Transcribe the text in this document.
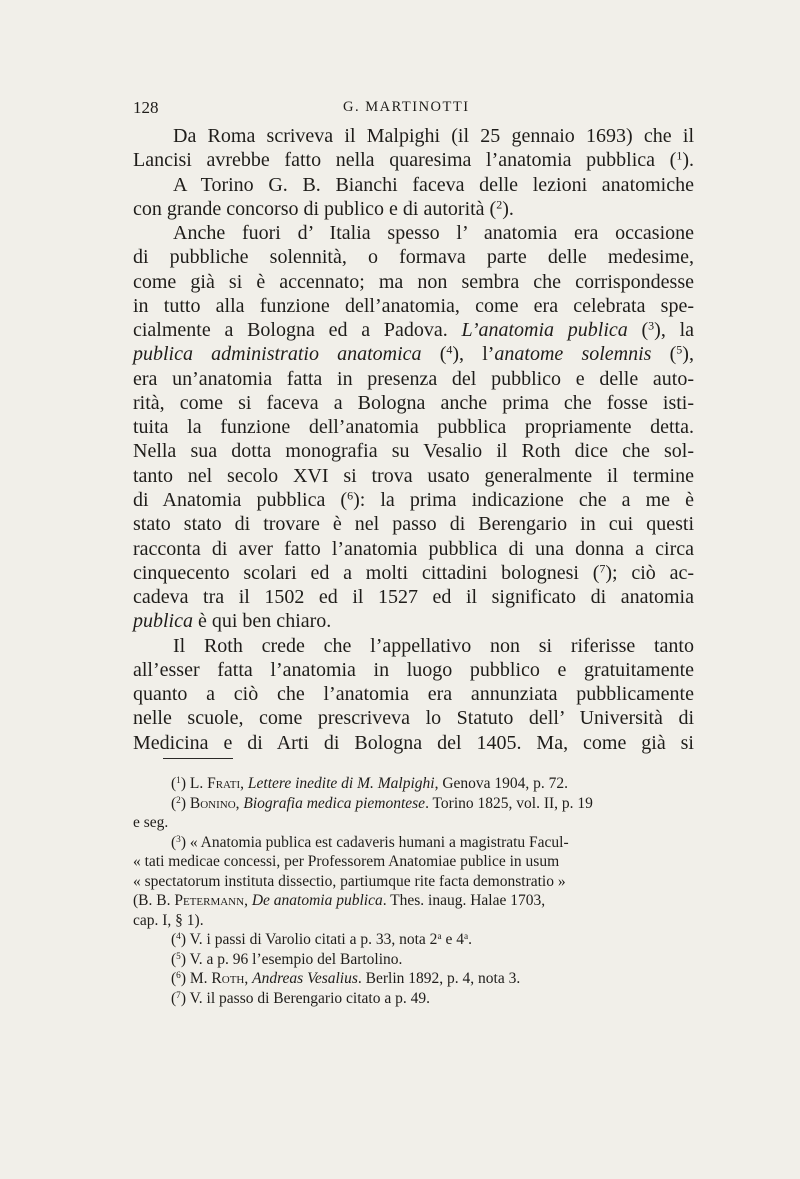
128	G. MARTINOTTI
Da Roma scriveva il Malpighi (il 25 gennaio 1693) che il
Lancisi avrebbe fatto nella quaresima l’anatomia pubblica ($^1$).
A Torino G. B. Bianchi faceva delle lezioni anatomiche
con grande concorso di publico e di autorità ($^2$).
Anche fuori d’ Italia spesso l’ anatomia era occasione
di pubbliche solennità, o formava parte delle medesime,
come già si è accennato; ma non sembra che corrispondesse
in tutto alla funzione dell’anatomia, come era celebrata spe-
cialmente a Bologna ed a Padova. L’anatomia publica ($^3$), la
publica administratio anatomica ($^4$), l’anatome solemnis ($^5$),
era un’anatomia fatta in presenza del pubblico e delle auto-
rità, come si faceva a Bologna anche prima che fosse isti-
tuita la funzione dell’anatomia pubblica propriamente detta.
Nella sua dotta monografia su Vesalio il Roth dice che sol-
tanto nel secolo XVI si trova usato generalmente il termine
di Anatomia pubblica ($^6$): la prima indicazione che a me è
stato stato di trovare è nel passo di Berengario in cui questi
racconta di aver fatto l’anatomia pubblica di una donna a circa
cinquecento scolari ed a molti cittadini bolognesi ($^7$); ciò ac-
cadeva tra il 1502 ed il 1527 ed il significato di anatomia
publica è qui ben chiaro.
Il Roth crede che l’appellativo non si riferisse tanto
all’esser fatta l’anatomia in luogo pubblico e gratuitamente
quanto a ciò che l’anatomia era annunziata pubblicamente
nelle scuole, come prescriveva lo Statuto dell’ Università di
Medicina e di Arti di Bologna del 1405. Ma, come già si
($^1$) L. Frati, Lettere inedite di M. Malpighi, Genova 1904, p. 72.
($^2$) Bonino, Biografia medica piemontese. Torino 1825, vol. II, p. 19
e seg.
($^3$) « Anatomia publica est cadaveris humani a magistratu Facul-
« tati medicae concessi, per Professorem Anatomiae publice in usum
« spectatorum instituta dissectio, partiumque rite facta demonstratio »
(B. B. Petermann, De anatomia publica. Thes. inaug. Halae 1703,
cap. I, § 1).
($^4$) V. i passi di Varolio citati a p. 33, nota 2$^a$ e 4$^a$.
($^5$) V. a p. 96 l’esempio del Bartolino.
($^6$) M. Roth, Andreas Vesalius. Berlin 1892, p. 4, nota 3.
($^7$) V. il passo di Berengario citato a p. 49.
